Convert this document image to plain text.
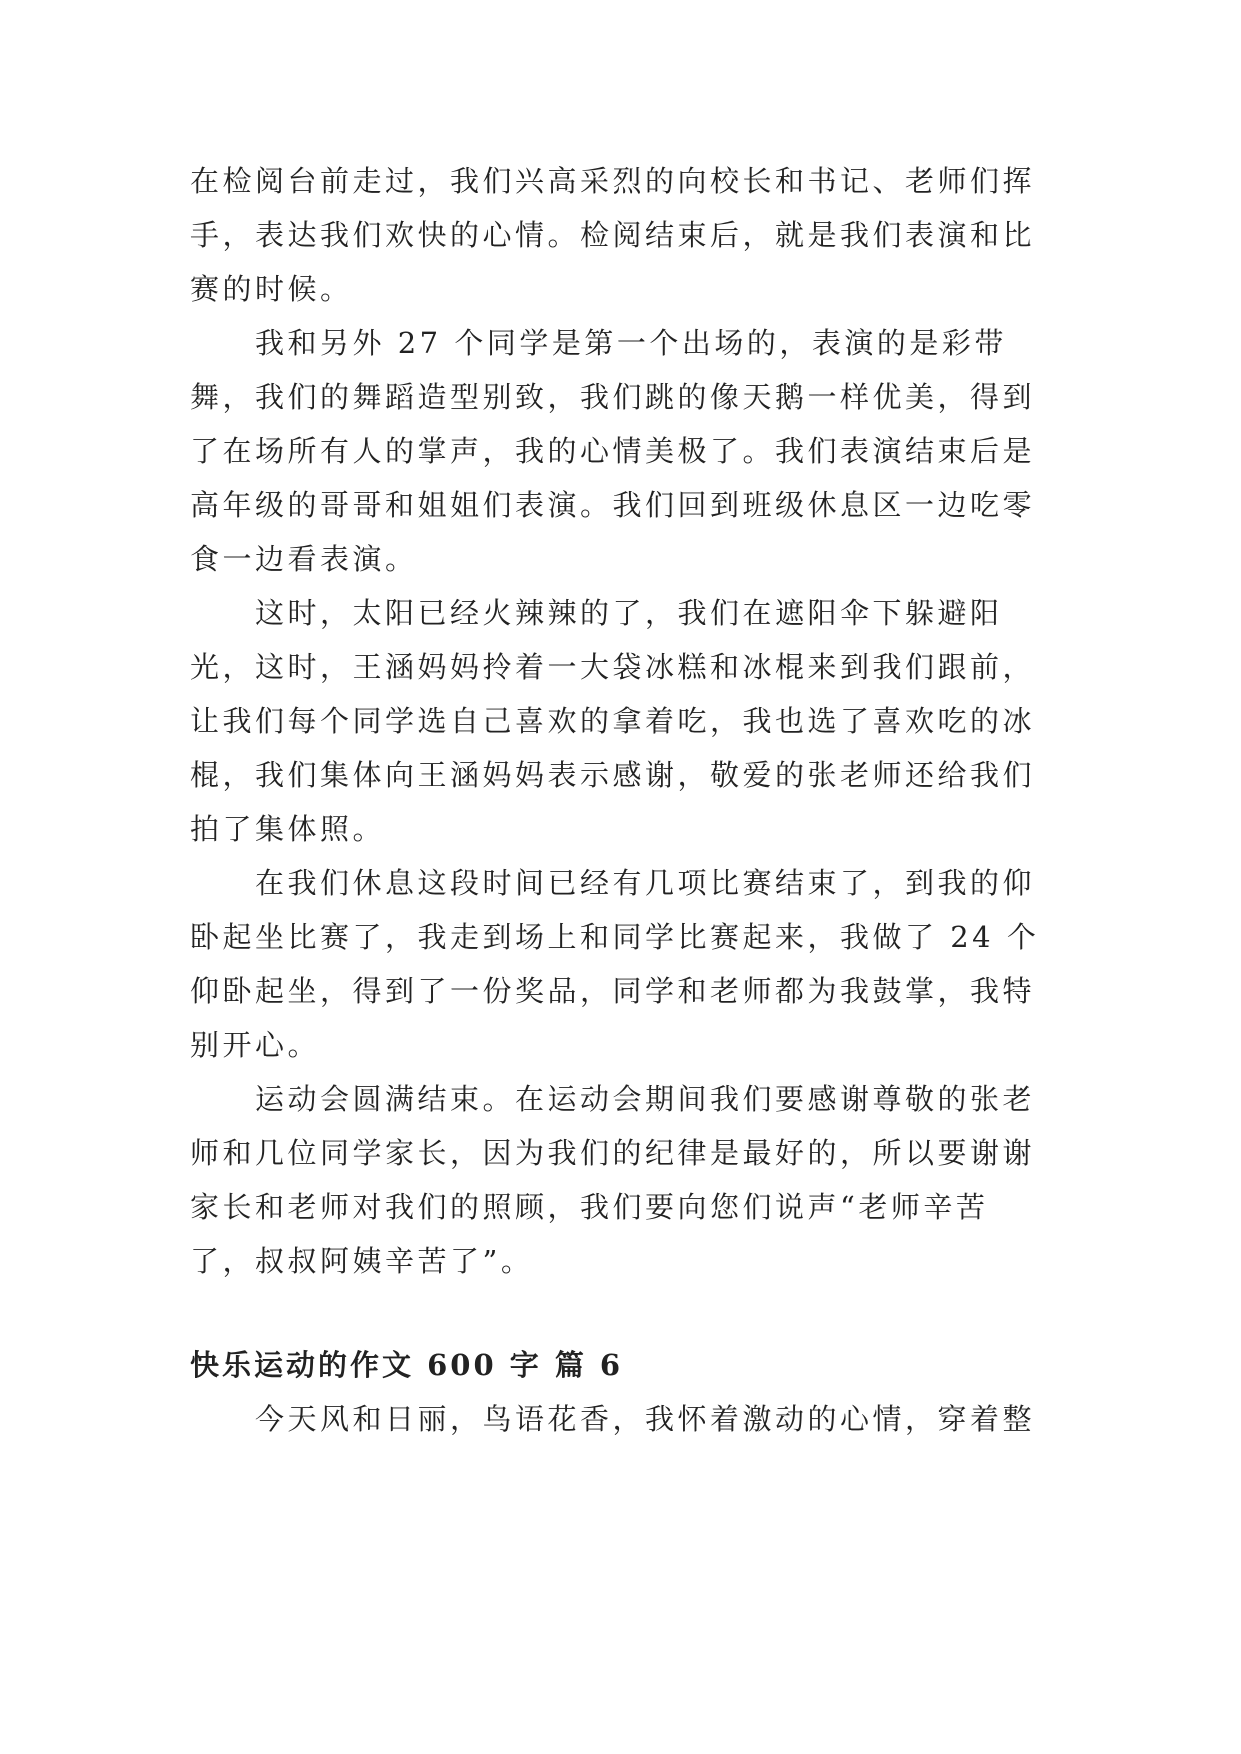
在检阅台前走过，我们兴高采烈的向校长和书记、老师们挥手，表达我们欢快的心情。检阅结束后，就是我们表演和比赛的时候。

我和另外 27 个同学是第一个出场的，表演的是彩带舞，我们的舞蹈造型别致，我们跳的像天鹅一样优美，得到了在场所有人的掌声，我的心情美极了。我们表演结束后是高年级的哥哥和姐姐们表演。我们回到班级休息区一边吃零食一边看表演。

这时，太阳已经火辣辣的了，我们在遮阳伞下躲避阳光，这时，王涵妈妈拎着一大袋冰糕和冰棍来到我们跟前，让我们每个同学选自己喜欢的拿着吃，我也选了喜欢吃的冰棍，我们集体向王涵妈妈表示感谢，敬爱的张老师还给我们拍了集体照。

在我们休息这段时间已经有几项比赛结束了，到我的仰卧起坐比赛了，我走到场上和同学比赛起来，我做了 24 个仰卧起坐，得到了一份奖品，同学和老师都为我鼓掌，我特别开心。

运动会圆满结束。在运动会期间我们要感谢尊敬的张老师和几位同学家长，因为我们的纪律是最好的，所以要谢谢家长和老师对我们的照顾，我们要向您们说声“老师辛苦了，叔叔阿姨辛苦了”。

快乐运动的作文 600 字 篇 6

今天风和日丽，鸟语花香，我怀着激动的心情，穿着整
